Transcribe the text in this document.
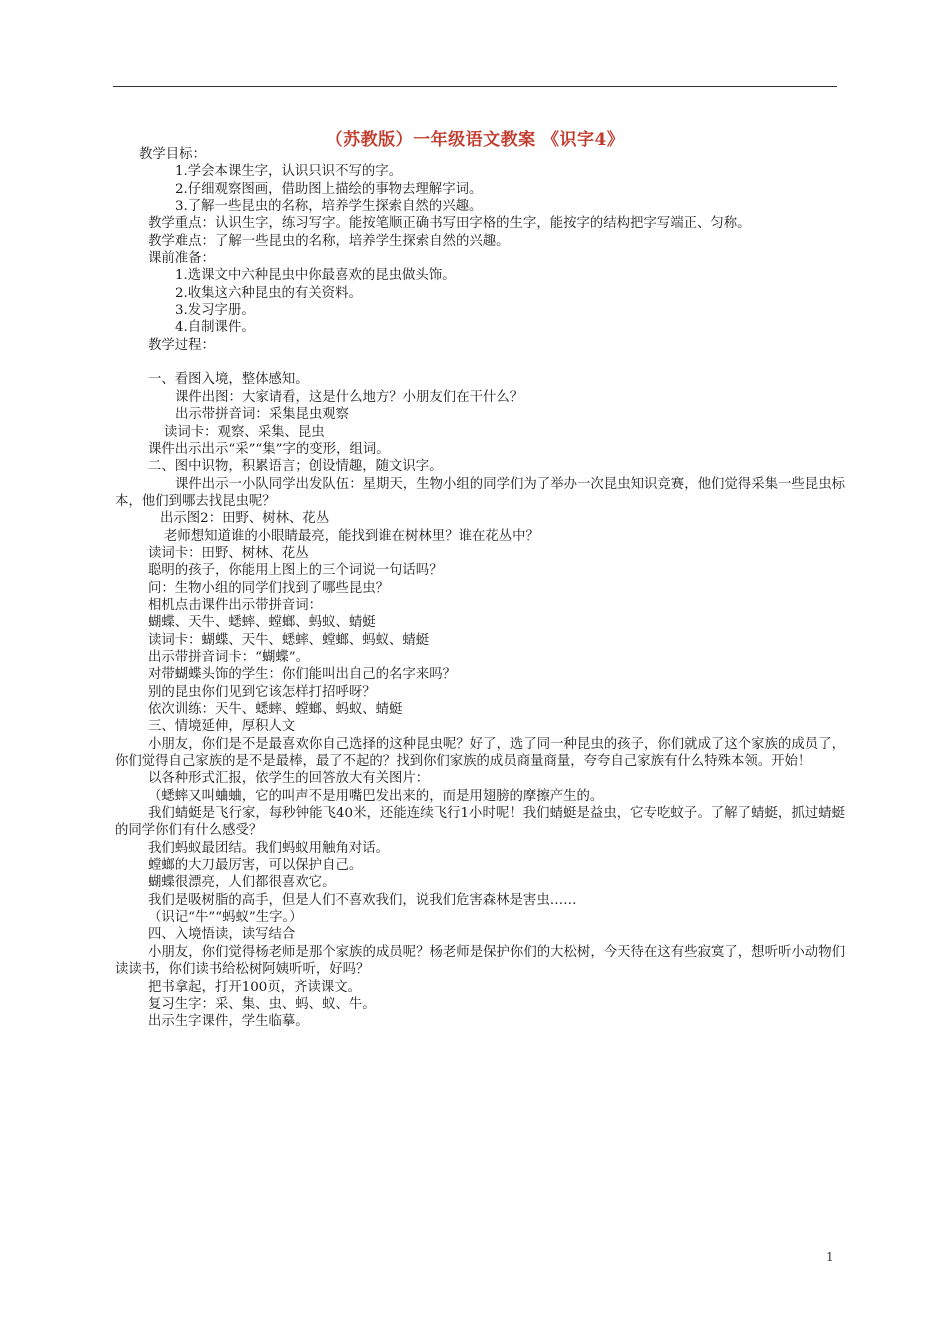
（苏教版）一年级语文教案 《识字4》
教学目标：
1.学会本课生字，认识只识不写的字。
2.仔细观察图画，借助图上描绘的事物去理解字词。
3.了解一些昆虫的名称，培养学生探索自然的兴趣。
教学重点：认识生字，练习写字。能按笔顺正确书写田字格的生字，能按字的结构把字写端正、匀称。
教学难点：了解一些昆虫的名称，培养学生探索自然的兴趣。
课前准备：
1.选课文中六种昆虫中你最喜欢的昆虫做头饰。
2.收集这六种昆虫的有关资料。
3.发习字册。
4.自制课件。
教学过程：
一、看图入境，整体感知。
课件出图：大家请看，这是什么地方？小朋友们在干什么？
出示带拼音词：采集昆虫观察
读词卡：观察、采集、昆虫
课件出示出示“采”“集”字的变形，组词。
二、图中识物，积累语言；创设情趣，随文识字。
课件出示一小队同学出发队伍：星期天，生物小组的同学们为了举办一次昆虫知识竞赛，他们觉得采集一些昆虫标本，他们到哪去找昆虫呢？
出示图2：田野、树林、花丛
老师想知道谁的小眼睛最亮，能找到谁在树林里？谁在花丛中？
读词卡：田野、树林、花丛
聪明的孩子，你能用上图上的三个词说一句话吗？
问：生物小组的同学们找到了哪些昆虫？
相机点击课件出示带拼音词：
蝴蝶、天牛、蟋蟀、螳螂、蚂蚁、蜻蜓
读词卡：蝴蝶、天牛、蟋蟀、螳螂、蚂蚁、蜻蜓
出示带拼音词卡：“蝴蝶”。
对带蝴蝶头饰的学生：你们能叫出自己的名字来吗？
别的昆虫你们见到它该怎样打招呼呀？
依次训练：天牛、蟋蟀、螳螂、蚂蚁、蜻蜓
三、情境延伸，厚积人文
小朋友，你们是不是最喜欢你自己选择的这种昆虫呢？好了，选了同一种昆虫的孩子，你们就成了这个家族的成员了，你们觉得自己家族的是不是最棒，最了不起的？找到你们家族的成员商量商量，夸夸自己家族有什么特殊本领。开始！
以各种形式汇报，依学生的回答放大有关图片：
（蟋蟀又叫蛐蛐，它的叫声不是用嘴巴发出来的，而是用翅膀的摩擦产生的。
我们蜻蜓是飞行家，每秒钟能飞40米，还能连续飞行1小时呢！我们蜻蜓是益虫，它专吃蚊子。了解了蜻蜓，抓过蜻蜓的同学你们有什么感受？
我们蚂蚁最团结。我们蚂蚁用触角对话。
螳螂的大刀最厉害，可以保护自己。
蝴蝶很漂亮，人们都很喜欢它。
我们是吸树脂的高手，但是人们不喜欢我们，说我们危害森林是害虫……
（识记“牛”“蚂蚁”生字。）
四、入境悟读，读写结合
小朋友，你们觉得杨老师是那个家族的成员呢？杨老师是保护你们的大松树，今天待在这有些寂寞了，想听听小动物们读读书，你们读书给松树阿姨听听，好吗？
把书拿起，打开100页，齐读课文。
复习生字：采、集、虫、蚂、蚁、牛。
出示生字课件，学生临摹。
1
